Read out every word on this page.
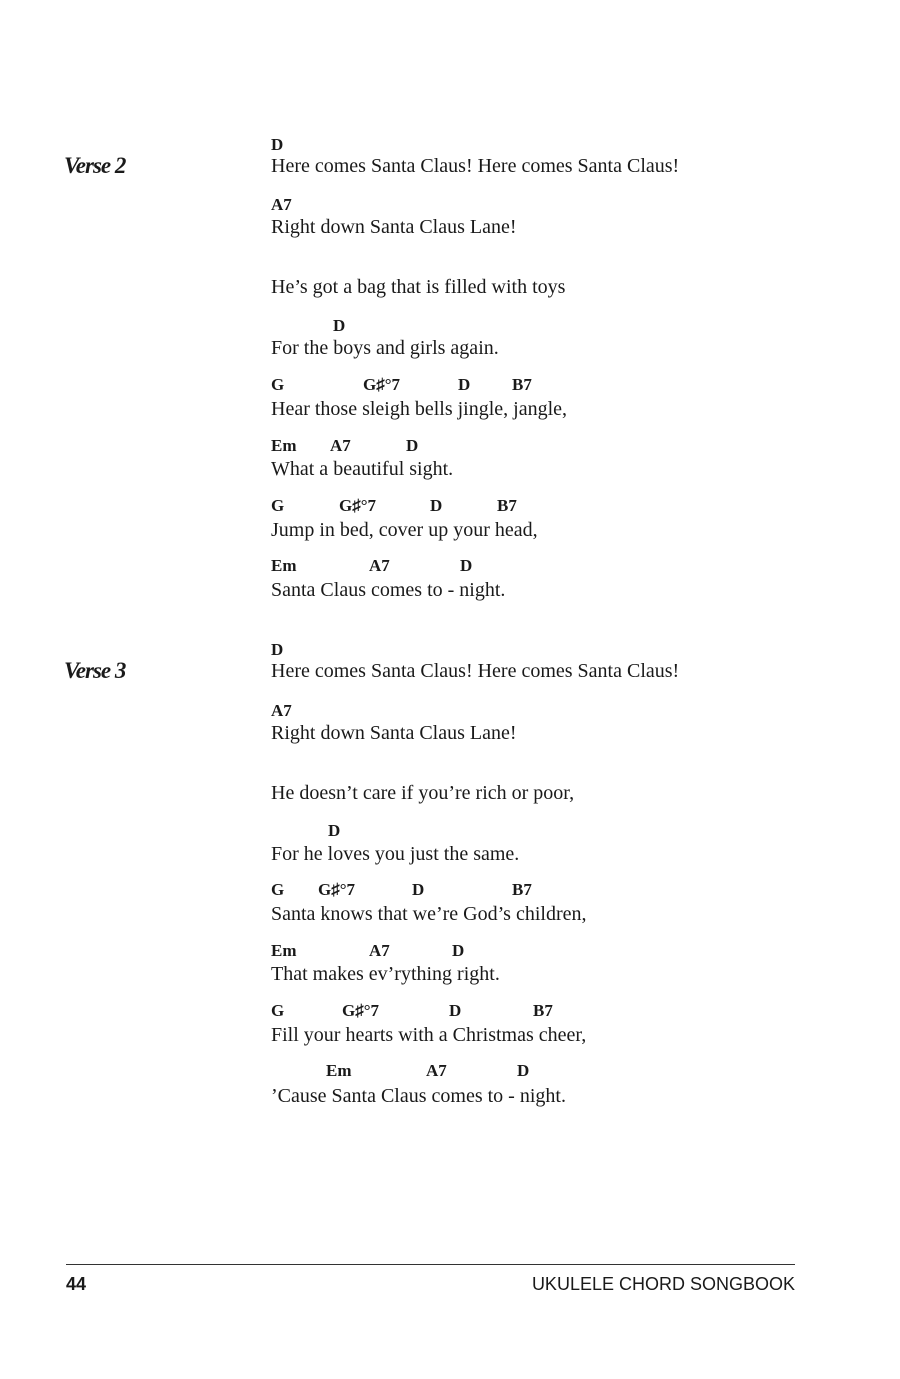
Verse 2
D
Here comes Santa Claus! Here comes Santa Claus!
A7
Right down Santa Claus Lane!
He’s got a bag that is filled with toys
D
For the boys and girls again.
G	G♯°7	D B7
Hear those sleigh bells jingle, jangle,
Em A7	D
What a beautiful sight.
G	G♯°7	D	B7
Jump in bed, cover up your head,
Em	A7	D
Santa Claus comes to - night.
Verse 3
D
Here comes Santa Claus! Here comes Santa Claus!
A7
Right down Santa Claus Lane!
He doesn’t care if you’re rich or poor,
D
For he loves you just the same.
G G♯°7	D	B7
Santa knows that we’re God’s children,
Em	A7	D
That makes ev’rything right.
G	G♯°7	D	B7
Fill your hearts with a Christmas cheer,
Em	A7	D
’Cause Santa Claus comes to - night.
44	UKULELE CHORD SONGBOOK
